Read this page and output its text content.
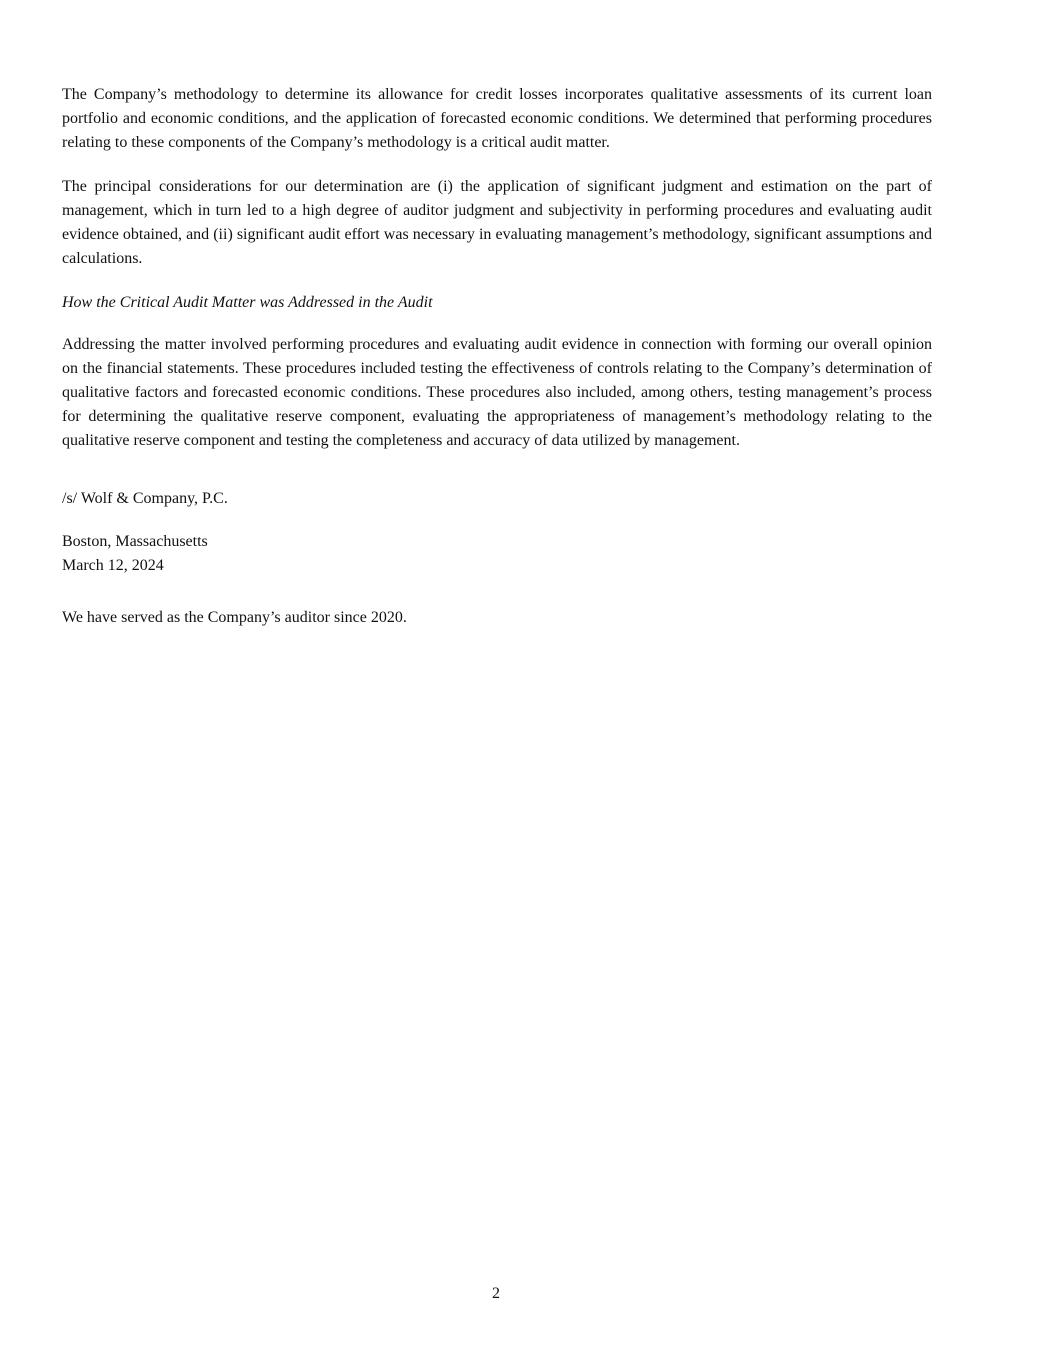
The Company’s methodology to determine its allowance for credit losses incorporates qualitative assessments of its current loan portfolio and economic conditions, and the application of forecasted economic conditions. We determined that performing procedures relating to these components of the Company’s methodology is a critical audit matter.

The principal considerations for our determination are (i) the application of significant judgment and estimation on the part of management, which in turn led to a high degree of auditor judgment and subjectivity in performing procedures and evaluating audit evidence obtained, and (ii) significant audit effort was necessary in evaluating management’s methodology, significant assumptions and calculations.

How the Critical Audit Matter was Addressed in the Audit

Addressing the matter involved performing procedures and evaluating audit evidence in connection with forming our overall opinion on the financial statements. These procedures included testing the effectiveness of controls relating to the Company’s determination of qualitative factors and forecasted economic conditions. These procedures also included, among others, testing management’s process for determining the qualitative reserve component, evaluating the appropriateness of management’s methodology relating to the qualitative reserve component and testing the completeness and accuracy of data utilized by management.

/s/ Wolf & Company, P.C.

Boston, Massachusetts

March 12, 2024

We have served as the Company’s auditor since 2020.

2
